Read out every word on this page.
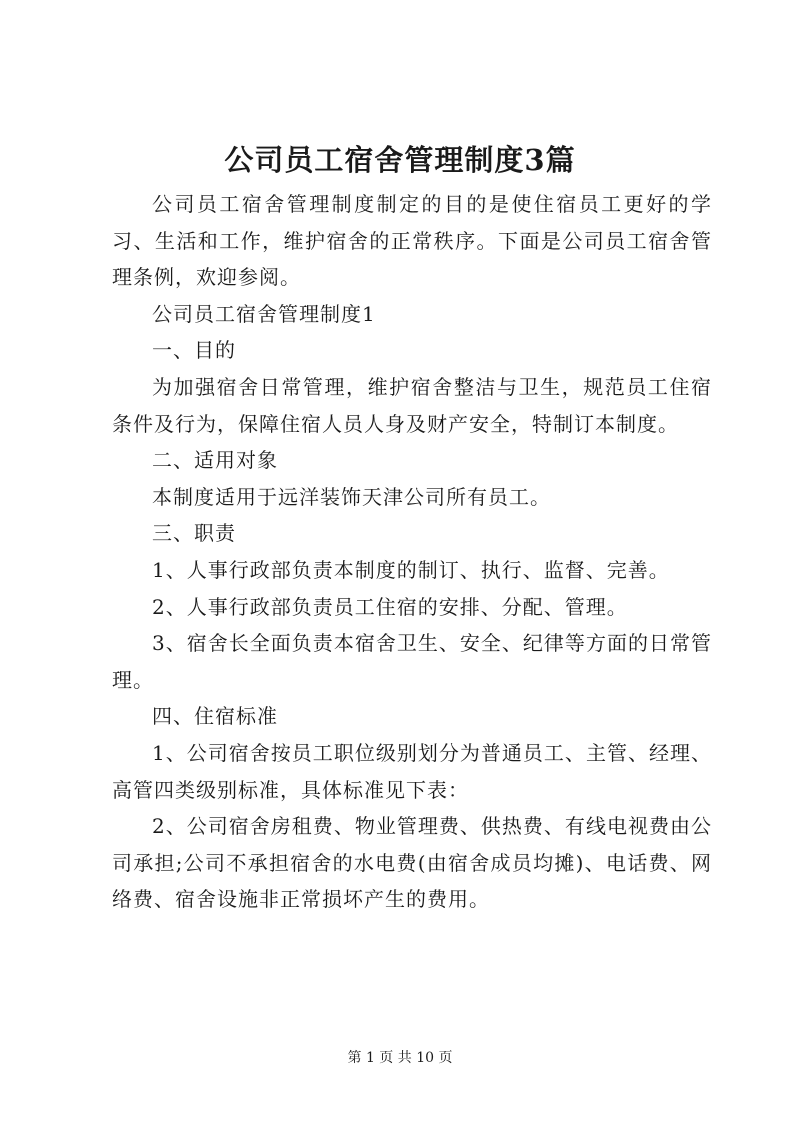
公司员工宿舍管理制度3篇

公司员工宿舍管理制度制定的目的是使住宿员工更好的学习、生活和工作，维护宿舍的正常秩序。下面是公司员工宿舍管理条例，欢迎参阅。

公司员工宿舍管理制度1

一、目的

为加强宿舍日常管理，维护宿舍整洁与卫生，规范员工住宿条件及行为，保障住宿人员人身及财产安全，特制订本制度。

二、适用对象

本制度适用于远洋装饰天津公司所有员工。

三、职责

1、人事行政部负责本制度的制订、执行、监督、完善。

2、人事行政部负责员工住宿的安排、分配、管理。

3、宿舍长全面负责本宿舍卫生、安全、纪律等方面的日常管理。

四、住宿标准

1、公司宿舍按员工职位级别划分为普通员工、主管、经理、高管四类级别标准，具体标准见下表：

2、公司宿舍房租费、物业管理费、供热费、有线电视费由公司承担;公司不承担宿舍的水电费(由宿舍成员均摊)、电话费、网络费、宿舍设施非正常损坏产生的费用。

第 1 页 共 10 页
